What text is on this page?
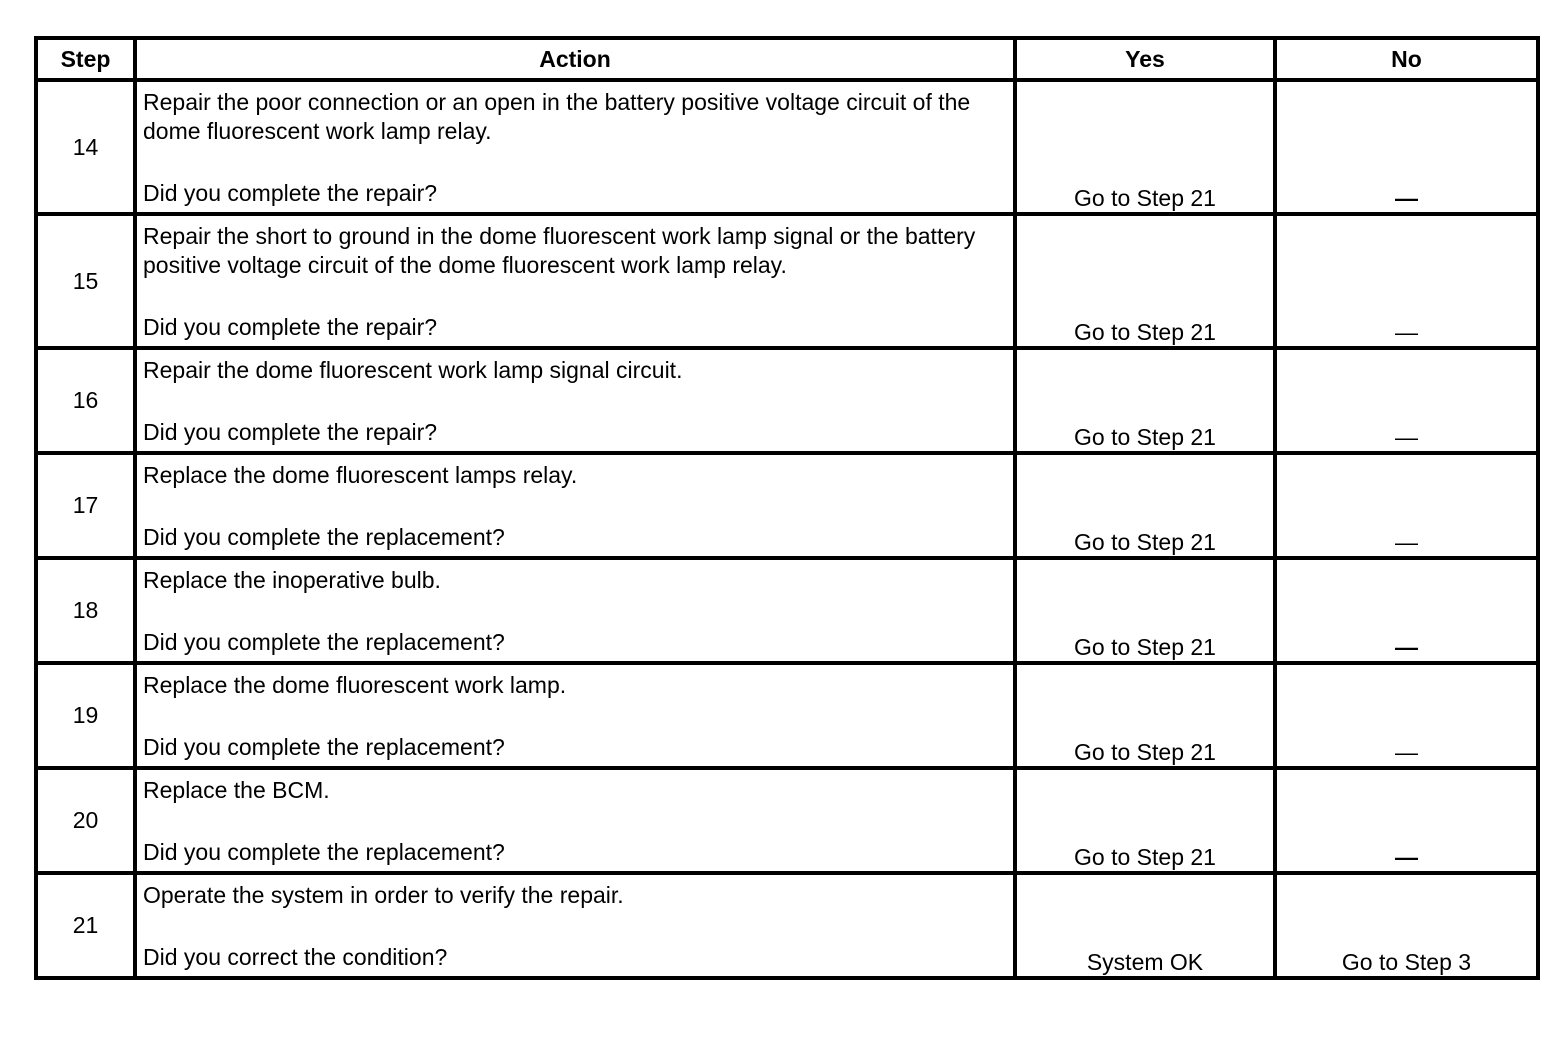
Step	Action	Yes	No
14	Repair the poor connection or an open in the battery positive voltage circuit of the dome fluorescent work lamp relay.
Did you complete the repair?	Go to Step 21	—
15	Repair the short to ground in the dome fluorescent work lamp signal or the battery positive voltage circuit of the dome fluorescent work lamp relay.
Did you complete the repair?	Go to Step 21	—
16	Repair the dome fluorescent work lamp signal circuit.
Did you complete the repair?	Go to Step 21	—
17	Replace the dome fluorescent lamps relay.
Did you complete the replacement?	Go to Step 21	—
18	Replace the inoperative bulb.
Did you complete the replacement?	Go to Step 21	—
19	Replace the dome fluorescent work lamp.
Did you complete the replacement?	Go to Step 21	—
20	Replace the BCM.
Did you complete the replacement?	Go to Step 21	—
21	Operate the system in order to verify the repair.
Did you correct the condition?	System OK	Go to Step 3
